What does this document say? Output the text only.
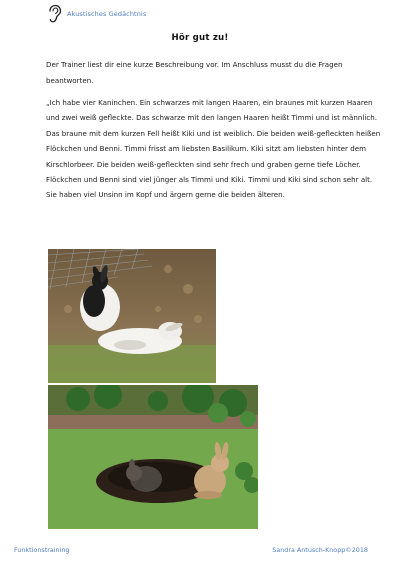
Akustisches Gedächtnis
Hör gut zu!
Der Trainer liest dir eine kurze Beschreibung vor. Im Anschluss musst du die Fragen beantworten.
„Ich habe vier Kaninchen. Ein schwarzes mit langen Haaren, ein braunes mit kurzen Haaren und zwei weiß gefleckte. Das schwarze mit den langen Haaren heißt Timmi und ist männlich. Das braune mit dem kurzen Fell heißt Kiki und ist weiblich. Die beiden weiß-gefleckten heißen Flöckchen und Benni. Timmi frisst am liebsten Basilikum. Kiki sitzt am liebsten hinter dem Kirschlorbeer. Die beiden weiß-gefleckten sind sehr frech und graben gerne tiefe Löcher. Flöckchen und Benni sind viel jünger als Timmi und Kiki. Timmi und Kiki sind schon sehr alt. Sie haben viel Unsinn im Kopf und ärgern gerne die beiden älteren.
Funktionstraining	Sandra Antusch-Knopp©2018
